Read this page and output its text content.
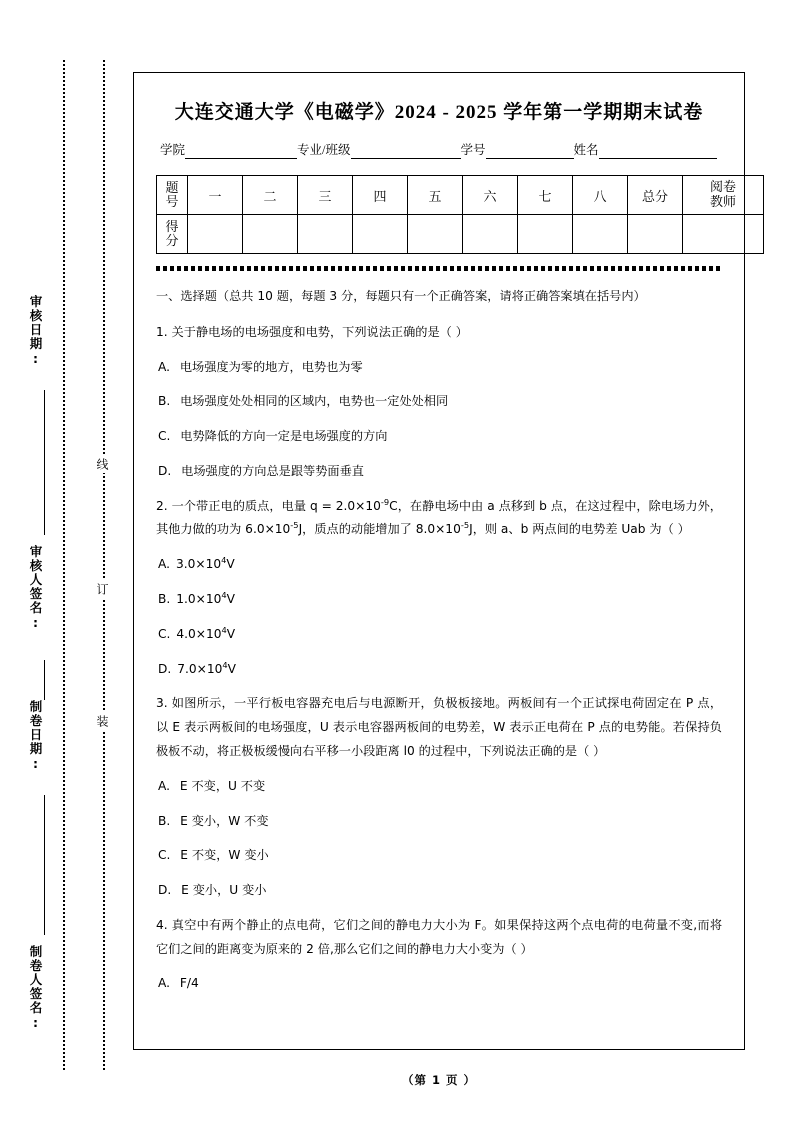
审核日期:
审核人签名:
制卷日期:
制卷人签名:
线
订
装
大连交通大学《电磁学》2024 - 2025 学年第一学期期末试卷
学院	专业/班级	学号	姓名
题
号	一	二	三	四	五	六	七	八	总分	阅卷
教师

得
分										

一、选择题（总共 10 题，每题 3 分，每题只有一个正确答案，请将正确答案填在括号内）
1. 关于静电场的电场强度和电势，下列说法正确的是（ ）
A. 电场强度为零的地方，电势也为零
B. 电场强度处处相同的区域内，电势也一定处处相同
C. 电势降低的方向一定是电场强度的方向
D. 电场强度的方向总是跟等势面垂直
2. 一个带正电的质点，电量 $q = 2.0\times 10^{-9}C$，在静电场中由 a 点移到 b 点，在这过程中，除电场力外，其他力做的功为 $6.0\times 10^{-5}J$，质点的动能增加了 $8.0\times 10^{-5}J$，则 a、b 两点间的电势差 Uab 为（ ）
A. $3.0\times 10^4V$
B. $1.0\times 10^4V$
C. $4.0\times 10^4V$
D. $7.0\times 10^4V$
3. 如图所示，一平行板电容器充电后与电源断开，负极板接地。两板间有一个正试探电荷固定在 P 点，以 E 表示两板间的电场强度，U 表示电容器两板间的电势差，W 表示正电荷在 P 点的电势能。若保持负极板不动，将正极板缓慢向右平移一小段距离 l0 的过程中，下列说法正确的是（ ）
A. E 不变，U 不变
B. E 变小，W 不变
C. E 不变，W 变小
D. E 变小，U 变小
4. 真空中有两个静止的点电荷，它们之间的静电力大小为 F。如果保持这两个点电荷的电荷量不变,而将它们之间的距离变为原来的 2 倍,那么它们之间的静电力大小变为（ ）
A. F/4
（第 1 页 ）
